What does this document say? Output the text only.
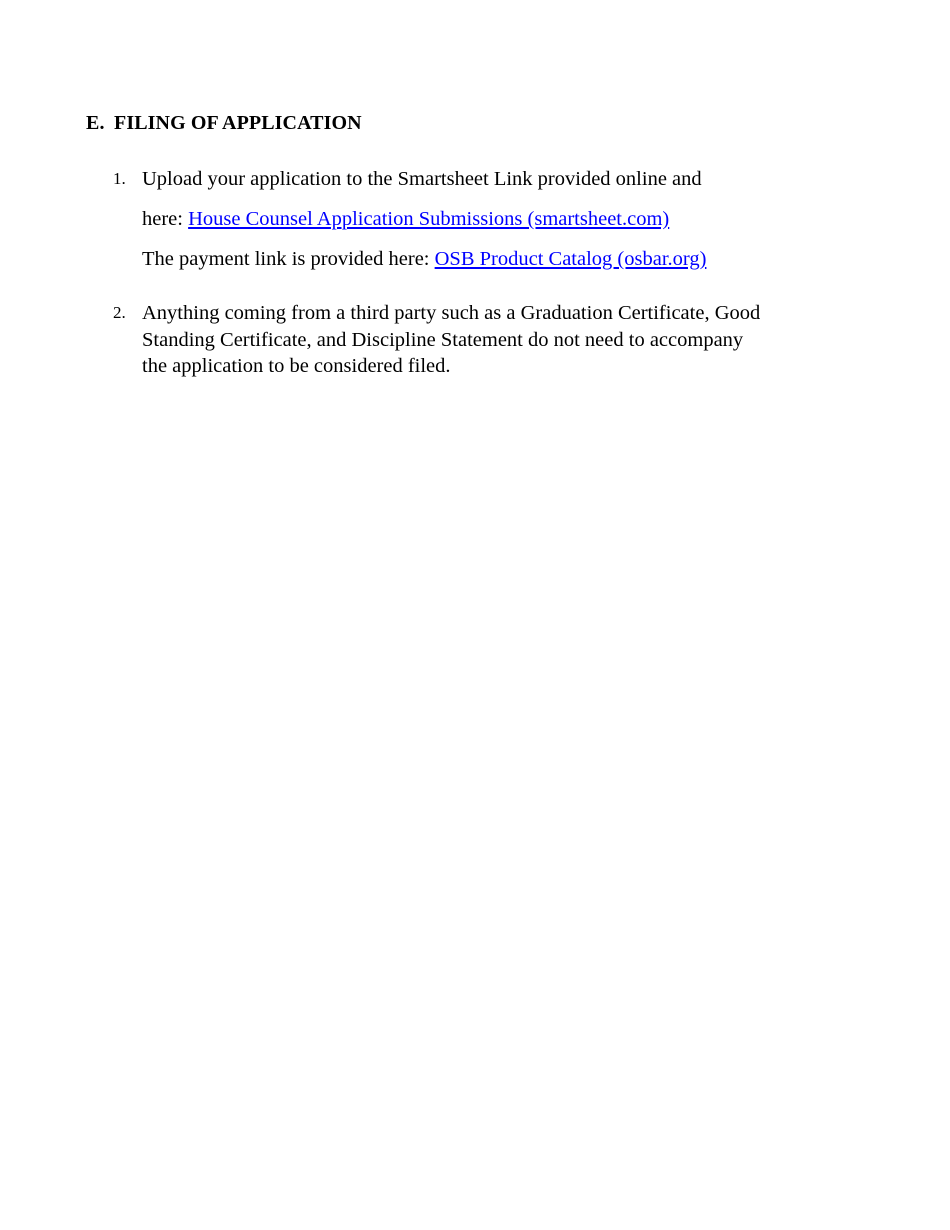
E. FILING OF APPLICATION
1. Upload your application to the Smartsheet Link provided online and
here: House Counsel Application Submissions (smartsheet.com)
The payment link is provided here: OSB Product Catalog (osbar.org)
2. Anything coming from a third party such as a Graduation Certificate, Good
Standing Certificate, and Discipline Statement do not need to accompany
the application to be considered filed.
